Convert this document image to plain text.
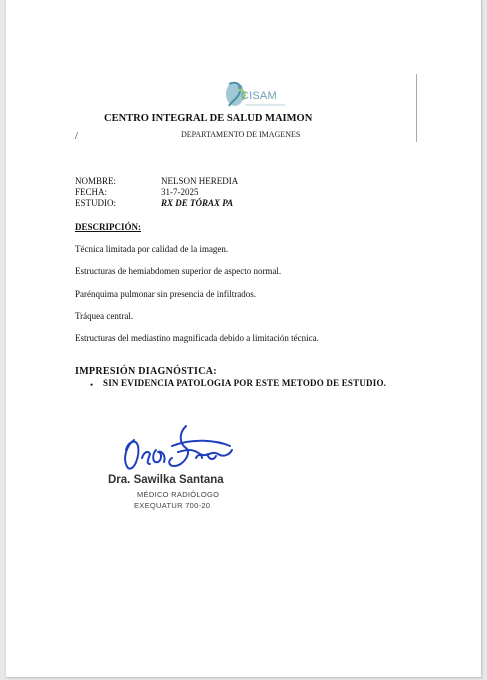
CISAM
CENTRO INTEGRAL DE SALUD MAIMON
DEPARTAMENTO DE IMAGENES
/
NOMBRE:	NELSON HEREDIA
FECHA:	31-7-2025
ESTUDIO:	RX DE TÓRAX PA
DESCRIPCIÓN:
Técnica limitada por calidad de la imagen.
Estructuras de hemiabdomen superior de aspecto normal.
Parénquima pulmonar sin presencia de infiltrados.
Tráquea central.
Estructuras del mediastino magnificada debido a limitación técnica.
IMPRESIÓN DIAGNÓSTICA:
• SIN EVIDENCIA PATOLOGIA POR ESTE METODO DE ESTUDIO.
Dra. Sawilka Santana
MÉDICO RADIÓLOGO
EXEQUATUR 700-20
